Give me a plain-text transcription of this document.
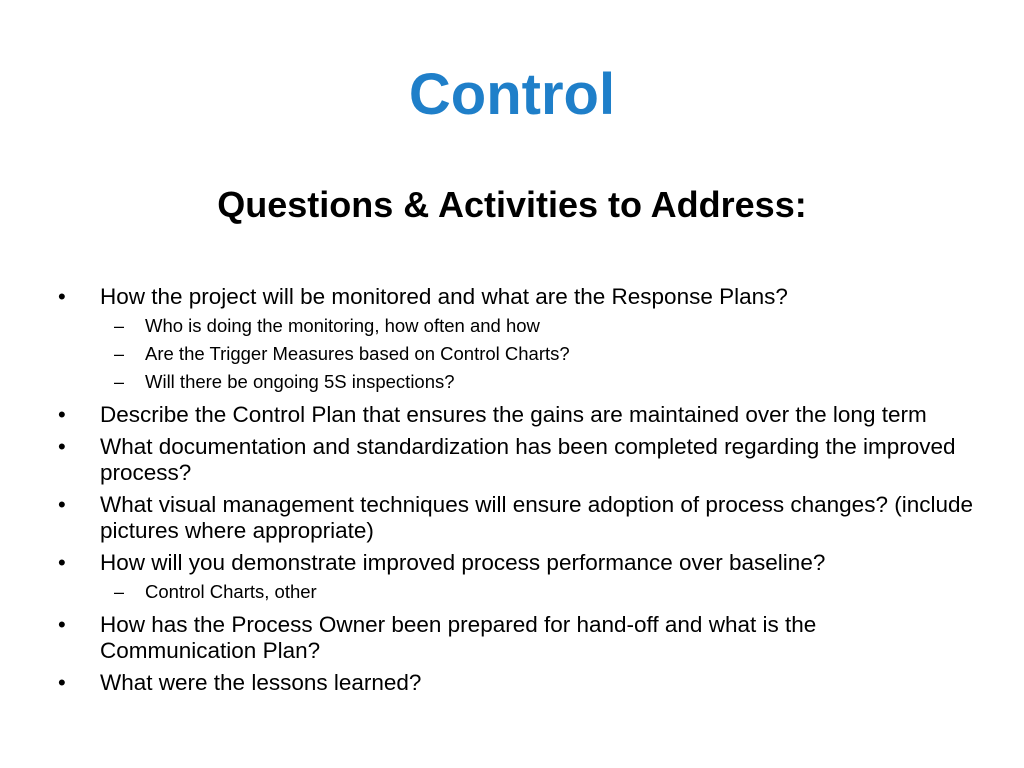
Control
Questions & Activities to Address:
•	How the project will be monitored and what are the Response Plans?
– Who is doing the monitoring, how often and how
– Are the Trigger Measures based on Control Charts?
– Will there be ongoing 5S inspections?
•	Describe the Control Plan that ensures the gains are maintained over the long term
•	What documentation and standardization has been completed regarding the improved process?
•	What visual management techniques will ensure adoption of process changes? (include pictures where appropriate)
•	How will you demonstrate improved process performance over baseline?
– Control Charts, other
•	How has the Process Owner been prepared for hand-off and what is the Communication Plan?
•	What were the lessons learned?
